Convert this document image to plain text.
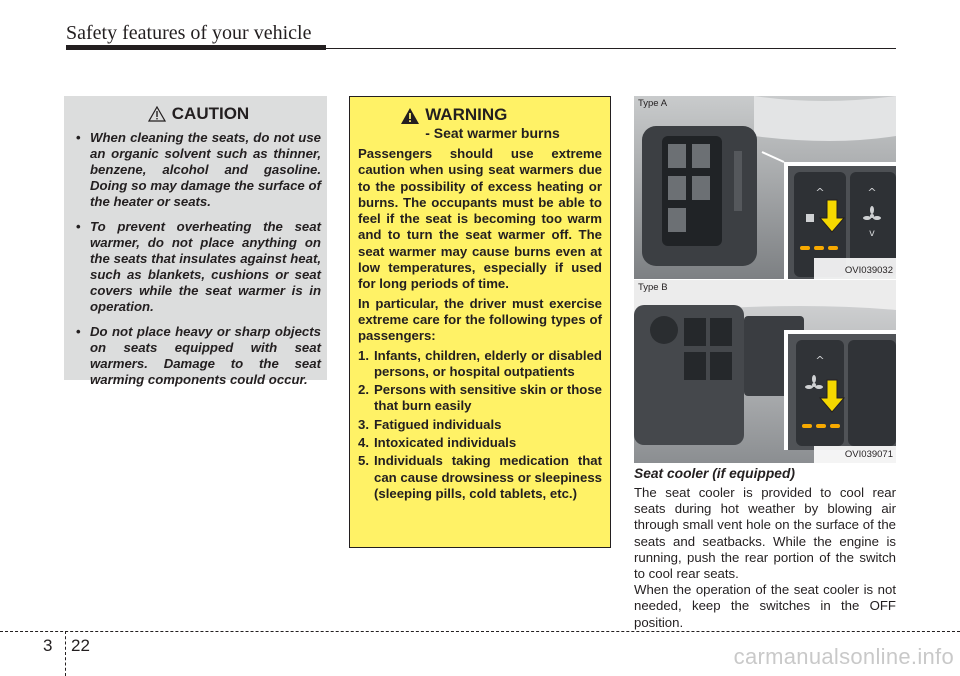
Safety features of your vehicle
CAUTION
• When cleaning the seats, do not use an organic solvent such as thinner, benzene, alcohol and gasoline. Doing so may damage the surface of the heater or seats.
• To prevent overheating the seat warmer, do not place anything on the seats that insulates against heat, such as blankets, cushions or seat covers while the seat warmer is in operation.
• Do not place heavy or sharp objects on seats equipped with seat warmers. Damage to the seat warming components could occur.
WARNING
- Seat warmer burns

Passengers should use extreme caution when using seat warmers due to the possibility of excess heating or burns. The occupants must be able to feel if the seat is becoming too warm and to turn the seat warmer off. The seat warmer may cause burns even at low temperatures, especially if used for long periods of time.

In particular, the driver must exercise extreme care for the following types of passengers:

1. Infants, children, elderly or disabled persons, or hospital outpatients
2. Persons with sensitive skin or those that burn easily
3. Fatigued individuals
4. Intoxicated individuals
5. Individuals taking medication that can cause drowsiness or sleepiness (sleeping pills, cold tablets, etc.)
^	^
v
Type A
OVI039032
^
Type B
OVI039071
Seat cooler (if equipped)

The seat cooler is provided to cool rear seats during hot weather by blowing air through small vent hole on the surface of the seats and seatbacks. While the engine is running, push the rear portion of the switch to cool rear seats.

When the operation of the seat cooler is not needed, keep the switches in the OFF position.

3 22	carmanualsonline.info
